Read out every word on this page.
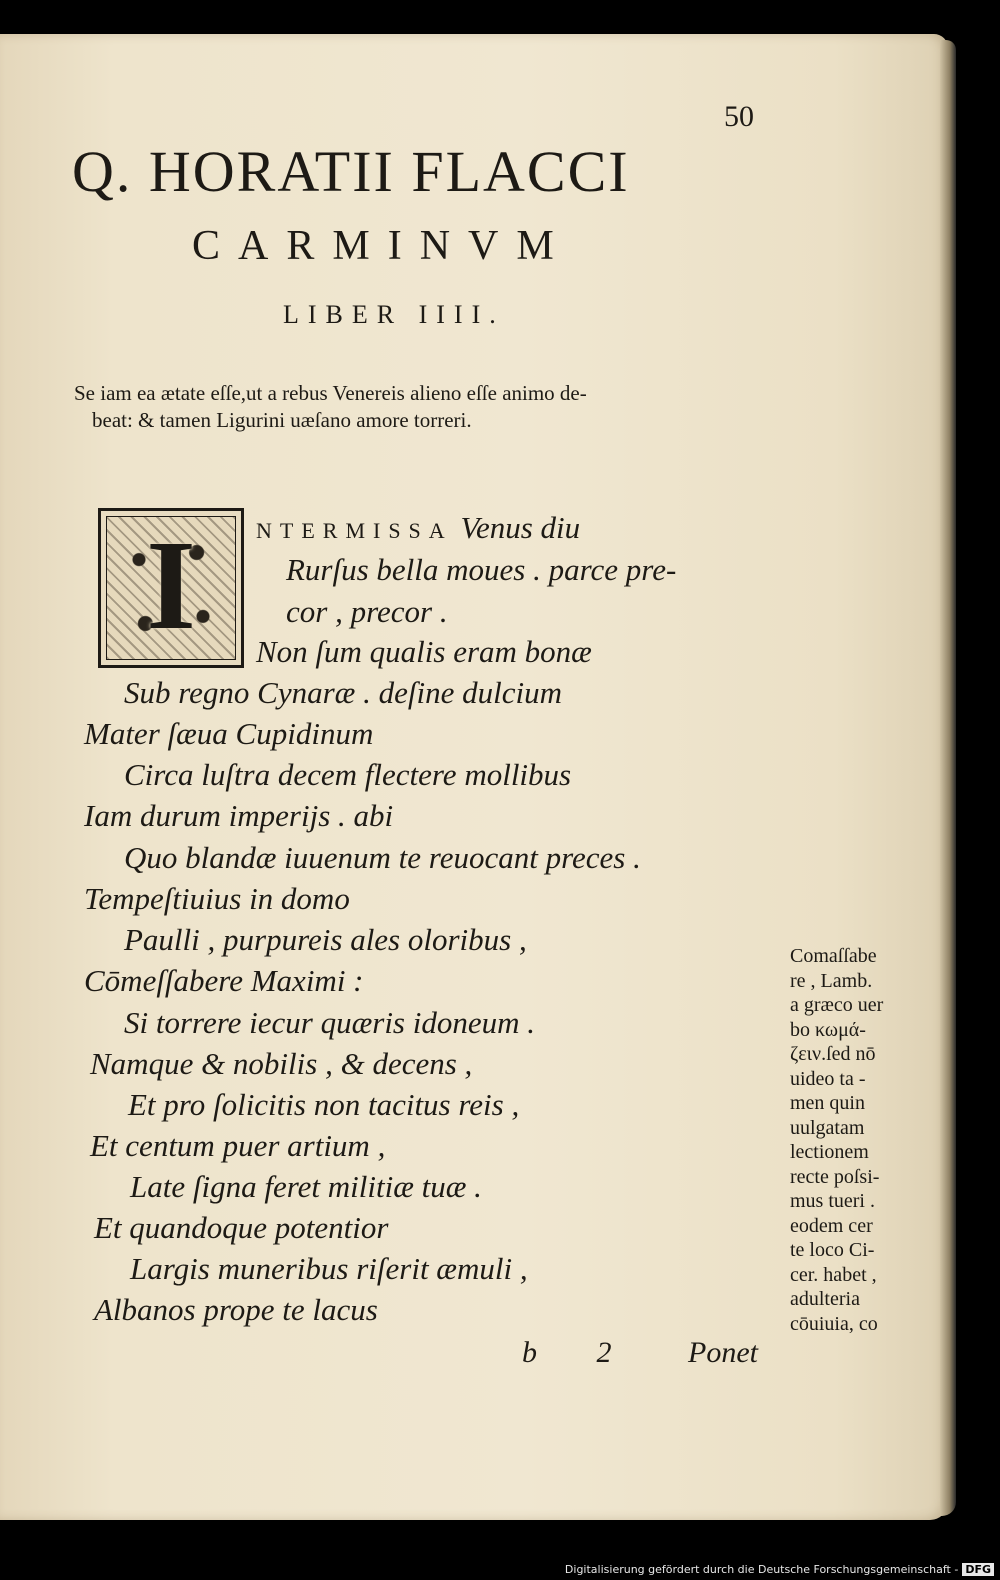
50
Q. HORATII FLACCI
CARMINVM
LIBER IIII.
Se iam ea ætate eſſe,ut a rebus Venereis alieno eſſe animo de-
beat: & tamen Ligurini uæſano amore torreri.
I	NTERMISSA Venus diu
Rurſus bella moues . parce pre-
cor , precor .
Non ſum qualis eram bonæ
Sub regno Cynaræ . deſine dulcium
Mater ſæua Cupidinum
Circa luſtra decem flectere mollibus
Iam durum imperijs . abi
Quo blandæ iuuenum te reuocant preces .
Tempeſtiuius in domo
Paulli , purpureis ales oloribus ,
Cōmeſſabere Maximi :
Si torrere iecur quæris idoneum .
Namque & nobilis , & decens ,
Et pro ſolicitis non tacitus reis ,
Et centum puer artium ,
Late ſigna feret militiæ tuæ .
Et quandoque potentior
Largis muneribus riſerit æmuli ,
Albanos prope te lacus
Comaſſabe
re , Lamb.
a græco uer
bo κωμά-
ζειν.ſed nō
uideo ta -
men quin
uulgatam
lectionem
recte poſsi-
mus tueri .
eodem cer
te loco Ci-
cer. habet ,
adulteria
cōuiuia, co
b 2 Ponet
Digitalisierung gefördert durch die Deutsche Forschungsgemeinschaft - DFG
